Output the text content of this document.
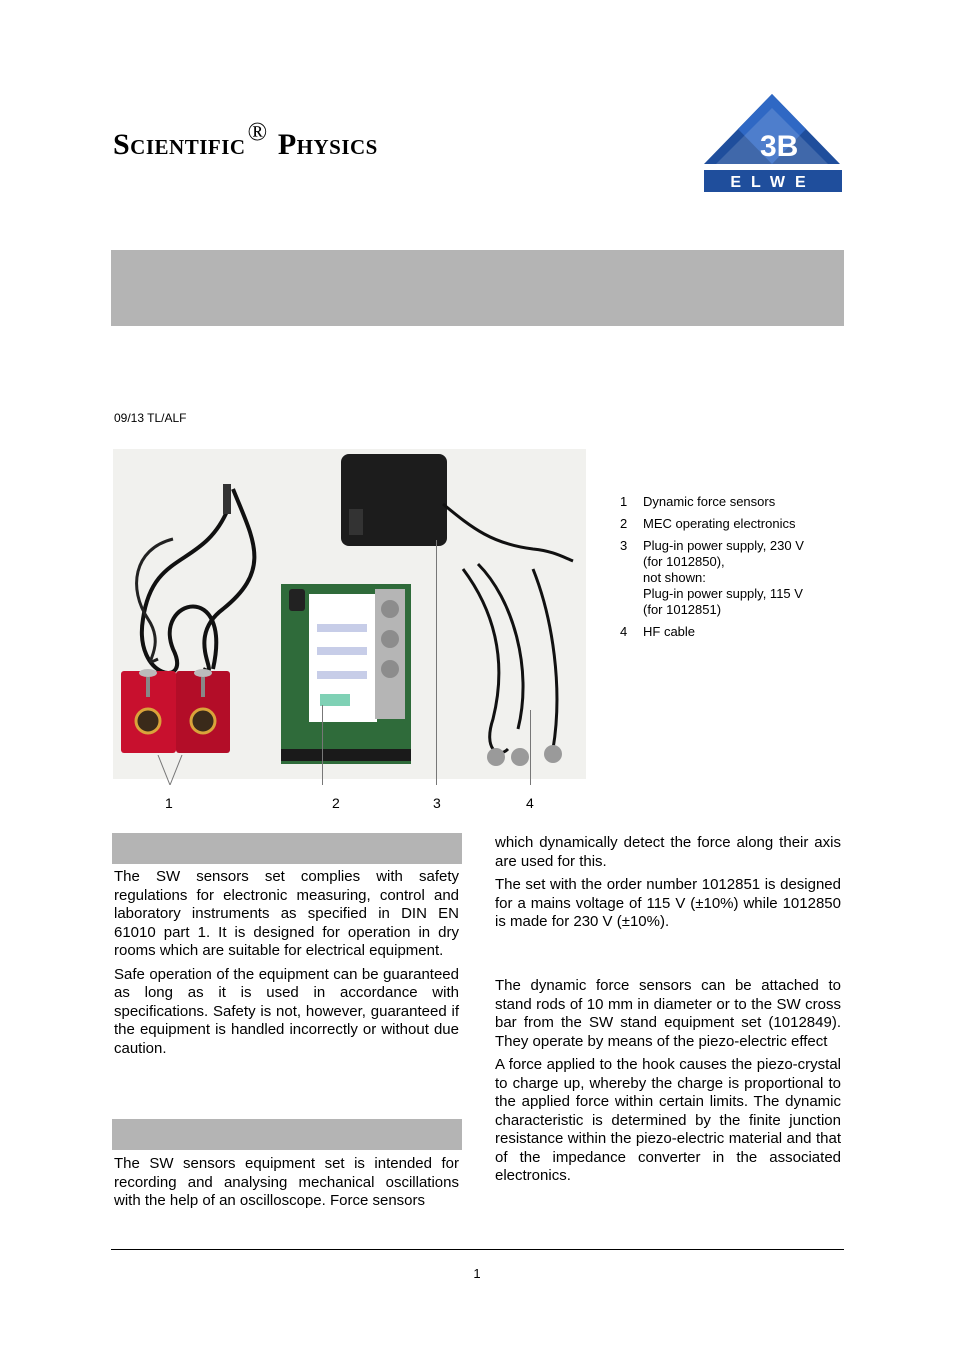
Scientific® Physics	3B
ELWE
09/13 TL/ALF
1	2	3	4
1	Dynamic force sensors
2	MEC operating electronics
3	Plug-in power supply, 230 V
(for 1012850),
not shown:
Plug-in power supply, 115 V
(for 1012851)
4	HF cable

The SW sensors set complies with safety regulations for electronic measuring, control and laboratory instruments as specified in DIN EN 61010 part 1. It is designed for operation in dry rooms which are suitable for electrical equipment.

Safe operation of the equipment can be guaranteed as long as it is used in accordance with specifications. Safety is not, however, guaranteed if the equipment is handled incorrectly or without due caution.

The SW sensors equipment set is intended for recording and analysing mechanical oscillations with the help of an oscilloscope. Force sensors

which dynamically detect the force along their axis are used for this.

The set with the order number 1012851 is designed for a mains voltage of 115 V (±10%) while 1012850 is made for 230 V (±10%).

The dynamic force sensors can be attached to stand rods of 10 mm in diameter or to the SW cross bar from the SW stand equipment set (1012849). They operate by means of the piezo-electric effect

A force applied to the hook causes the piezo-crystal to charge up, whereby the charge is proportional to the applied force within certain limits. The dynamic characteristic is determined by the finite junction resistance within the piezo-electric material and that of the impedance converter in the associated electronics.

1
